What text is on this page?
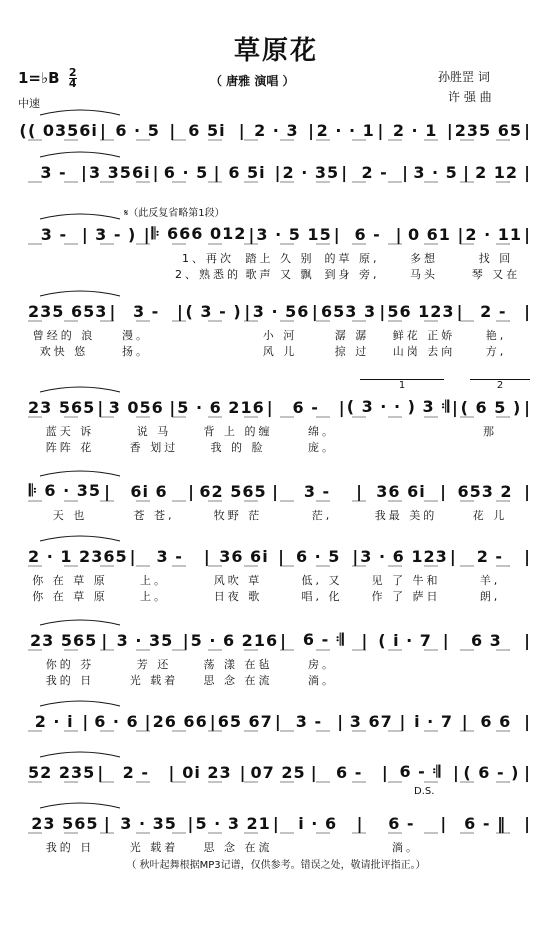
草原花
（ 唐雅 演唱 ）	孙胜罡 词
许 强 曲
1=♭B $\frac{2}{4}$
中速
( ( 0356i | 6 · 5 | 6 5i | 2 · 3 | 2 · · 1 | 2 · 1 | 235 65 |
3 - | 3 356i | 6 · 5 | 6 5i | 2 · 35 | 2 - | 3 · 5 | 2 12 |
𝄋（此反复省略第1段）
3 - | 3 - ) | 𝄆 666 012 | 3 · 5 15 | 6 - | 0 61 | 2 · 11 |
1、再次	踏上 久 别 的草 原,	多想	找 回
2、熟悉的 歌声 又 飘 到身 旁,	马头	琴 又在
235 653 |	3 -	| ( 3 - ) | 3 · 56 | 653 3 | 56 123 |	2 -	|
曾经的 浪	漫。	小 河	潺 潺	鲜花 正娇	艳,
欢快 悠	扬。	风 儿	掠 过	山岗 去向	方,
23 565 | 3 056 | 5 · 6 216 |	6 -	| ( 3 · · ) 3 𝄇 | ( 6 5 ) |
1	2
蓝天 诉	说 马	背 上 的缠	绵。	那
阵阵 花	香 划过	我 的 脸	庞。
𝄆 6 · 35 |	6i 6	| 62 565 |	3 -	| 36 6i | 653 2 |
天 也	苍 苍,	牧野 茫	茫,	我最 美的	花 儿
2 · 1 2365 |	3 -	| 36 6i | 6 · 5 | 3 · 6 123 |	2 -	|
你 在 草 原	上。	风吹 草	低, 又	见 了 牛和	羊,
你 在 草 原	上。	日夜 歌	唱, 化	作 了 萨日	朗,
23 565 | 3 · 35 | 5 · 6 216 |	6 - 𝄇	| ( i · 7 |	6 3	|
你的 芬	芳 还	荡 漾 在毡	房。
我的 日	光 载着	思 念 在流	淌。
2 · i | 6 · 6 | 26 66 | 65 67 | 3 - | 3 67 | i · 7 | 6 6 |
52 235 |	2 -	| 0i 23 | 07 25 |	6 -	| 6 - 𝄇 | ( 6 - ) |
D.S.
23 565 | 3 · 35 | 5 · 3 21 |	i · 6	|	6 -	|	6 - ‖	|
我的 日	光 载着	思 念 在流	淌。
（ 秋叶起舞根据MP3记谱，仅供参考。错误之处，敬请批评指正。）
